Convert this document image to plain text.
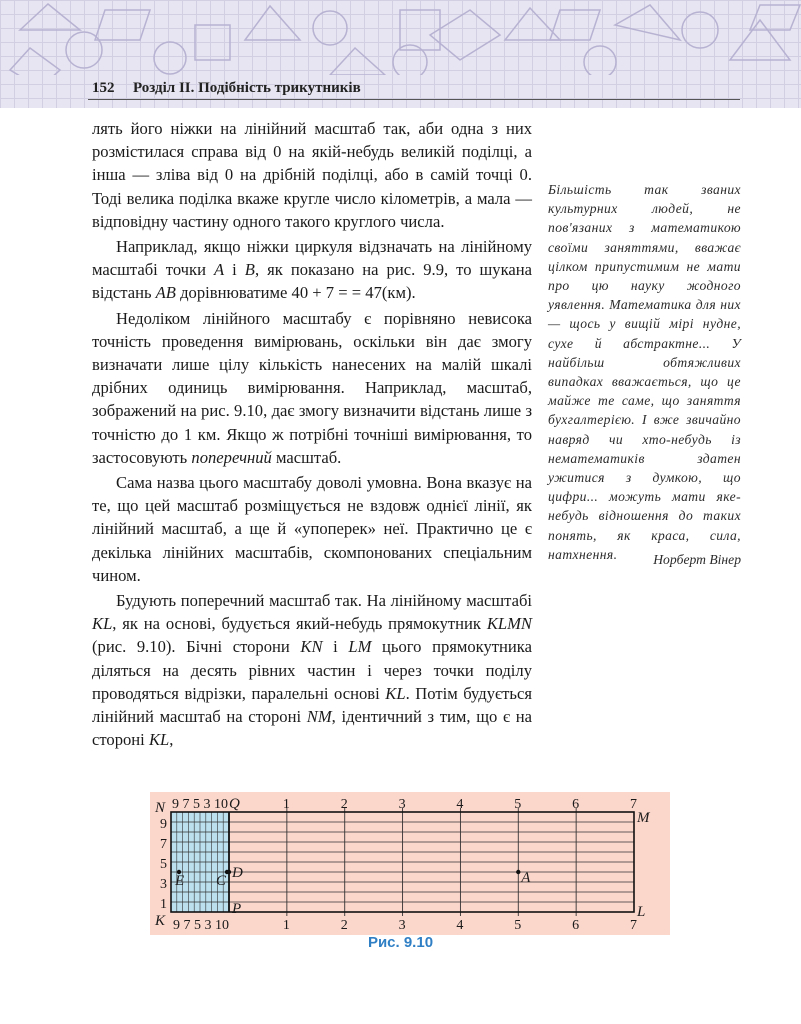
152 Розділ II. Подібність трикутників

лять його ніжки на лінійний масштаб так, аби одна з них розмістилася справа від 0 на якій-небудь великій поділці, а інша — зліва від 0 на дрібній поділці, або в самій точці 0. Тоді велика поділка вкаже кругле число кілометрів, а мала — відповідну частину одного такого круглого числа.

Наприклад, якщо ніжки циркуля відзначать на лінійному масштабі точки A і B, як показано на рис. 9.9, то шукана відстань AB дорівнюватиме 40 + 7 = = 47(км).

Недоліком лінійного масштабу є порівняно невисока точність проведення вимірювань, оскільки він дає змогу визначати лише цілу кількість нанесених на малій шкалі дрібних одиниць вимірювання. Наприклад, масштаб, зображений на рис. 9.10, дає змогу визначити відстань лише з точністю до 1 км. Якщо ж потрібні точніші вимірювання, то застосовують поперечний масштаб.

Сама назва цього масштабу доволі умовна. Вона вказує на те, що цей масштаб розміщується не вздовж однієї лінії, як лінійний масштаб, а ще й «упоперек» неї. Практично це є декілька лінійних масштабів, скомпонованих спеціальним чином.

Будують поперечний масштаб так. На лінійному масштабі KL, як на основі, будується який-небудь прямокутник KLMN (рис. 9.10). Бічні сторони KN і LM цього прямокутника діляться на десять рівних частин і через точки поділу проводяться відрізки, паралельні основі KL. Потім будується лінійний масштаб на стороні NM, ідентичний з тим, що є на стороні KL,

Більшість так званих культурних людей, не пов'язаних з математикою своїми заняттями, вважає цілком припустимим не мати про цю науку жодного уявлення. Математика для них — щось у вищій мірі нудне, сухе й абстрактне... У найбільш обтяжливих випадках вважається, що це майже те саме, що заняття бухгалтерією. І вже звичайно навряд чи хто-небудь із нематематиків здатен ужитися з думкою, що цифри... можуть мати яке-небудь відношення до таких понять, як краса, сила, натхнення.	Норберт Вінер
9 7 5 3 10	1	2	3	4	5	6	7
9 7 5 3 10	1	2	3	4	5	6	7
9
7
5
3
1
N	Q
M
K
P	L
E C D	A
Рис. 9.10
